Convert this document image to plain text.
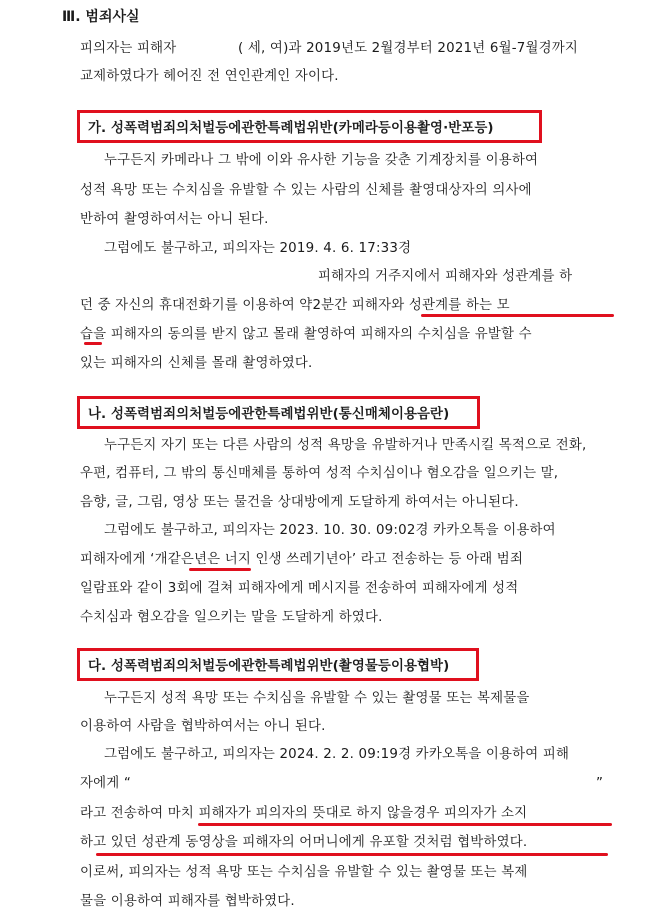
Ⅲ. 범죄사실
피의자는 피해자	( 세, 여)과 2019년도 2월경부터 2021년 6월-7월경까지
교제하였다가 헤어진 전 연인관계인 자이다.
가. 성폭력범죄의처벌등에관한특례법위반(카메라등이용촬영·반포등)
누구든지 카메라나 그 밖에 이와 유사한 기능을 갖춘 기계장치를 이용하여
성적 욕망 또는 수치심을 유발할 수 있는 사람의 신체를 촬영대상자의 의사에
반하여 촬영하여서는 아니 된다.
그럼에도 불구하고, 피의자는 2019. 4. 6. 17:33경
피해자의 거주지에서 피해자와 성관계를 하
던 중 자신의 휴대전화기를 이용하여 약2분간 피해자와 성관계를 하는 모
습을 피해자의 동의를 받지 않고 몰래 촬영하여 피해자의 수치심을 유발할 수
있는 피해자의 신체를 몰래 촬영하였다.
나. 성폭력범죄의처벌등에관한특례법위반(통신매체이용음란)
누구든지 자기 또는 다른 사람의 성적 욕망을 유발하거나 만족시킬 목적으로 전화,
우편, 컴퓨터, 그 밖의 통신매체를 통하여 성적 수치심이나 혐오감을 일으키는 말,
음향, 글, 그림, 영상 또는 물건을 상대방에게 도달하게 하여서는 아니된다.
그럼에도 불구하고, 피의자는 2023. 10. 30. 09:02경 카카오톡을 이용하여
피해자에게 ‘개같은년은 너지 인생 쓰레기년아’ 라고 전송하는 등 아래 범죄
일람표와 같이 3회에 걸쳐 피해자에게 메시지를 전송하여 피해자에게 성적
수치심과 혐오감을 일으키는 말을 도달하게 하였다.
다. 성폭력범죄의처벌등에관한특례법위반(촬영물등이용협박)
누구든지 성적 욕망 또는 수치심을 유발할 수 있는 촬영물 또는 복제물을
이용하여 사람을 협박하여서는 아니 된다.
그럼에도 불구하고, 피의자는 2024. 2. 2. 09:19경 카카오톡을 이용하여 피해
자에게 “	”
라고 전송하여 마치 피해자가 피의자의 뜻대로 하지 않을경우 피의자가 소지
하고 있던 성관계 동영상을 피해자의 어머니에게 유포할 것처럼 협박하였다.
이로써, 피의자는 성적 욕망 또는 수치심을 유발할 수 있는 촬영물 또는 복제
물을 이용하여 피해자를 협박하였다.
